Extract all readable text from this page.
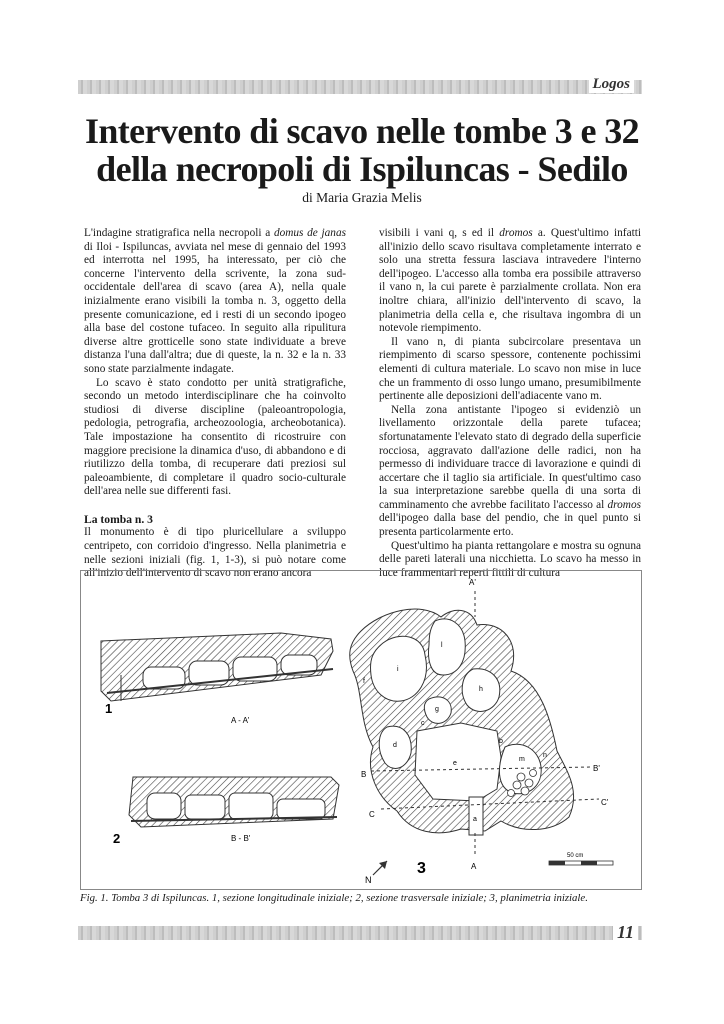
Logos
Intervento di scavo nelle tombe 3 e 32
della necropoli di Ispiluncas - Sedilo
di Maria Grazia Melis

L'indagine stratigrafica nella necropoli a domus de janas di Iloi - Ispiluncas, avviata nel mese di gennaio del 1993 ed interrotta nel 1995, ha interessato, per ciò che concerne l'intervento della scrivente, la zona sud-occidentale dell'area di scavo (area A), nella quale inizialmente erano visibili la tomba n. 3, oggetto della presente comunicazione, ed i resti di un secondo ipogeo alla base del costone tufaceo. In seguito alla ripulitura diverse altre grotticelle sono state individuate a breve distanza l'una dall'altra; due di queste, la n. 32 e la n. 33 sono state parzialmente indagate.

Lo scavo è stato condotto per unità stratigrafiche, secondo un metodo interdisciplinare che ha coinvolto studiosi di diverse discipline (paleoantropologia, pedologia, petrografia, archeozoologia, archeobotanica). Tale impostazione ha consentito di ricostruire con maggiore precisione la dinamica d'uso, di abbandono e di riutilizzo della tomba, di recuperare dati preziosi sul paleoambiente, di completare il quadro socio-culturale dell'area nelle sue differenti fasi.

La tomba n. 3

Il monumento è di tipo pluricellulare a sviluppo centripeto, con corridoio d'ingresso. Nella planimetria e nelle sezioni iniziali (fig. 1, 1-3), si può notare come all'inizio dell'intervento di scavo non erano ancora

visibili i vani q, s ed il dromos a. Quest'ultimo infatti all'inizio dello scavo risultava completamente interrato e solo una stretta fessura lasciava intravedere l'interno dell'ipogeo. L'accesso alla tomba era possibile attraverso il vano n, la cui parete è parzialmente crollata. Non era inoltre chiara, all'inizio dell'intervento di scavo, la planimetria della cella e, che risultava ingombra di un notevole riempimento.

Il vano n, di pianta subcircolare presentava un riempimento di scarso spessore, contenente pochissimi elementi di cultura materiale. Lo scavo non mise in luce che un frammento di osso lungo umano, presumibilmente pertinente alle deposizioni dell'adiacente vano m.

Nella zona antistante l'ipogeo si evidenziò un livellamento orizzontale della parete tufacea; sfortunatamente l'elevato stato di degrado della superficie rocciosa, aggravato dall'azione delle radici, non ha permesso di individuare tracce di lavorazione e quindi di accertare che il taglio sia artificiale. In quest'ultimo caso la sua interpretazione sarebbe quella di una sorta di camminamento che avrebbe facilitato l'accesso al dromos dell'ipogeo dalla base del pendio, che in quel punto si presenta particolarmente erto.

Quest'ultimo ha pianta rettangolare e mostra su ognuna delle pareti laterali una nicchietta. Lo scavo ha messo in luce frammentari reperti fittili di cultura

1
A - A'
2	B - B'
A'
A
B
B'
C
C'
3
N
50 cm
i
l
h
g
d
c
e
b
m
n
a
f
Fig. 1. Tomba 3 di Ispiluncas. 1, sezione longitudinale iniziale; 2, sezione trasversale iniziale; 3, planimetria iniziale.
11
